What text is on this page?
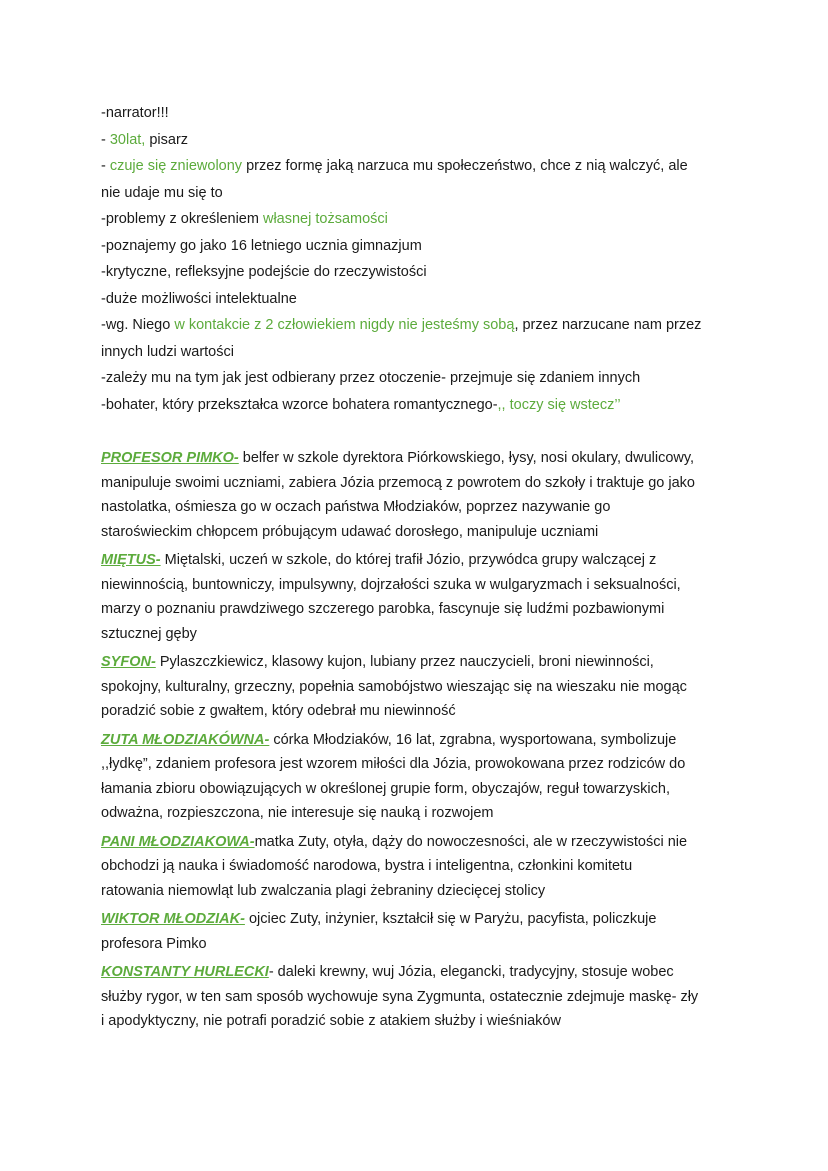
-narrator!!!
- 30lat, pisarz
- czuje się zniewolony przez formę jaką narzuca mu społeczeństwo, chce z nią walczyć, ale
nie udaje mu się to
-problemy z określeniem własnej tożsamości
-poznajemy go jako 16 letniego ucznia gimnazjum
-krytyczne, refleksyjne podejście do rzeczywistości
-duże możliwości intelektualne
-wg. Niego w kontakcie z 2 człowiekiem nigdy nie jesteśmy sobą, przez narzucane nam przez
innych ludzi wartości
-zależy mu na tym jak jest odbierany przez otoczenie- przejmuje się zdaniem innych
-bohater, który przekształca wzorce bohatera romantycznego-,, toczy się wstecz’’
PROFESOR PIMKO- belfer w szkole dyrektora Piórkowskiego, łysy, nosi okulary, dwulicowy,
manipuluje swoimi uczniami, zabiera Józia przemocą z powrotem do szkoły i traktuje go jako
nastolatka, ośmiesza go w oczach państwa Młodziaków, poprzez nazywanie go
staroświeckim chłopcem próbującym udawać dorosłego, manipuluje uczniami
MIĘTUS- Miętalski, uczeń w szkole, do której trafił Józio, przywódca grupy walczącej z
niewinnością, buntowniczy, impulsywny, dojrzałości szuka w wulgaryzmach i seksualności,
marzy o poznaniu prawdziwego szczerego parobka, fascynuje się ludźmi pozbawionymi
sztucznej gęby
SYFON- Pylaszczkiewicz, klasowy kujon, lubiany przez nauczycieli, broni niewinności,
spokojny, kulturalny, grzeczny, popełnia samobójstwo wieszając się na wieszaku nie mogąc
poradzić sobie z gwałtem, który odebrał mu niewinność
ZUTA MŁODZIAKÓWNA- córka Młodziaków, 16 lat, zgrabna, wysportowana, symbolizuje
,,łydkę”, zdaniem profesora jest wzorem miłości dla Józia, prowokowana przez rodziców do
łamania zbioru obowiązujących w określonej grupie form, obyczajów, reguł towarzyskich,
odważna, rozpieszczona, nie interesuje się nauką i rozwojem
PANI MŁODZIAKOWA-matka Zuty, otyła, dąży do nowoczesności, ale w rzeczywistości nie
obchodzi ją nauka i świadomość narodowa, bystra i inteligentna, członkini komitetu
ratowania niemowląt lub zwalczania plagi żebraniny dziecięcej stolicy
WIKTOR MŁODZIAK- ojciec Zuty, inżynier, kształcił się w Paryżu, pacyfista, policzkuje
profesora Pimko
KONSTANTY HURLECKI- daleki krewny, wuj Józia, elegancki, tradycyjny, stosuje wobec
służby rygor, w ten sam sposób wychowuje syna Zygmunta, ostatecznie zdejmuje maskę- zły
i apodyktyczny, nie potrafi poradzić sobie z atakiem służby i wieśniaków
